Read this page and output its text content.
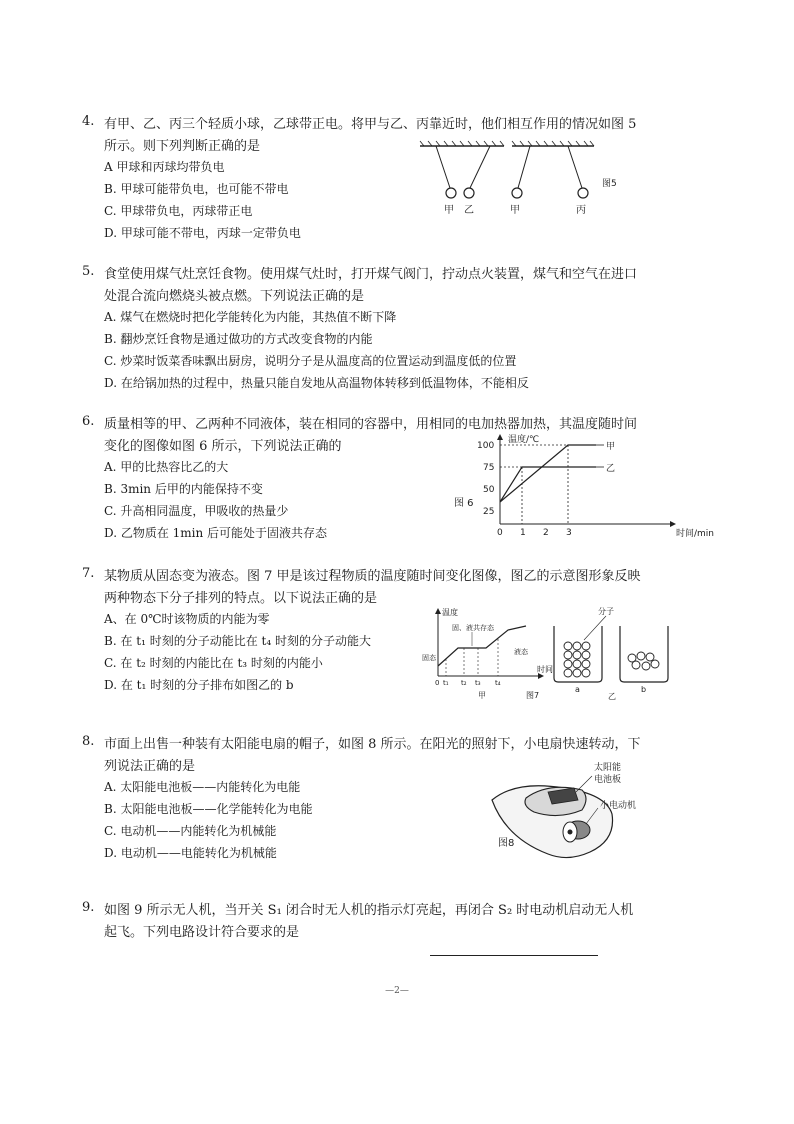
4. 有甲、乙、丙三个轻质小球，乙球带正电。将甲与乙、丙靠近时，他们相互作用的情况如图 5
所示。则下列判断正确的是
A 甲球和丙球均带负电
B. 甲球可能带负电，也可能不带电
C. 甲球带负电，丙球带正电
D. 甲球可能不带电，丙球一定带负电
甲 乙	甲	丙
图5
5. 食堂使用煤气灶烹饪食物。使用煤气灶时，打开煤气阀门，拧动点火装置，煤气和空气在进口
处混合流向燃烧头被点燃。下列说法正确的是
A. 煤气在燃烧时把化学能转化为内能，其热值不断下降
B. 翻炒烹饪食物是通过做功的方式改变食物的内能
C. 炒菜时饭菜香味飘出厨房，说明分子是从温度高的位置运动到温度低的位置
D. 在给锅加热的过程中，热量只能自发地从高温物体转移到低温物体，不能相反
6. 质量相等的甲、乙两种不同液体，装在相同的容器中，用相同的电加热器加热，其温度随时间
变化的图像如图 6 所示，下列说法正确的
A. 甲的比热容比乙的大
B. 3min 后甲的内能保持不变
C. 升高相同温度，甲吸收的热量少
D. 乙物质在 1min 后可能处于固液共存态
温度/℃
时间/min
100
75
50
25
0 1 2 3
甲
乙
图 6
7. 某物质从固态变为液态。图 7 甲是该过程物质的温度随时间变化图像，图乙的示意图形象反映
两种物态下分子排列的特点。以下说法正确的是
A、在 0℃时该物质的内能为零
B. 在 t₁ 时刻的分子动能比在 t₄ 时刻的分子动能大
C. 在 t₂ 时刻的内能比在 t₃ 时刻的内能小
D. 在 t₁ 时刻的分子排布如图乙的 b
温度
时间
固态
固、液共存态
液态
0 t₁ t₂ t₃ t₄
甲	图7
分子
a	b
乙
8. 市面上出售一种装有太阳能电扇的帽子，如图 8 所示。在阳光的照射下，小电扇快速转动，下
列说法正确的是
A. 太阳能电池板——内能转化为电能
B. 太阳能电池板——化学能转化为电能
C. 电动机——内能转化为机械能
D. 电动机——电能转化为机械能
太阳能
电池板
小电动机
图8
9. 如图 9 所示无人机，当开关 S₁ 闭合时无人机的指示灯亮起，再闭合 S₂ 时电动机启动无人机
起飞。下列电路设计符合要求的是
—2—
